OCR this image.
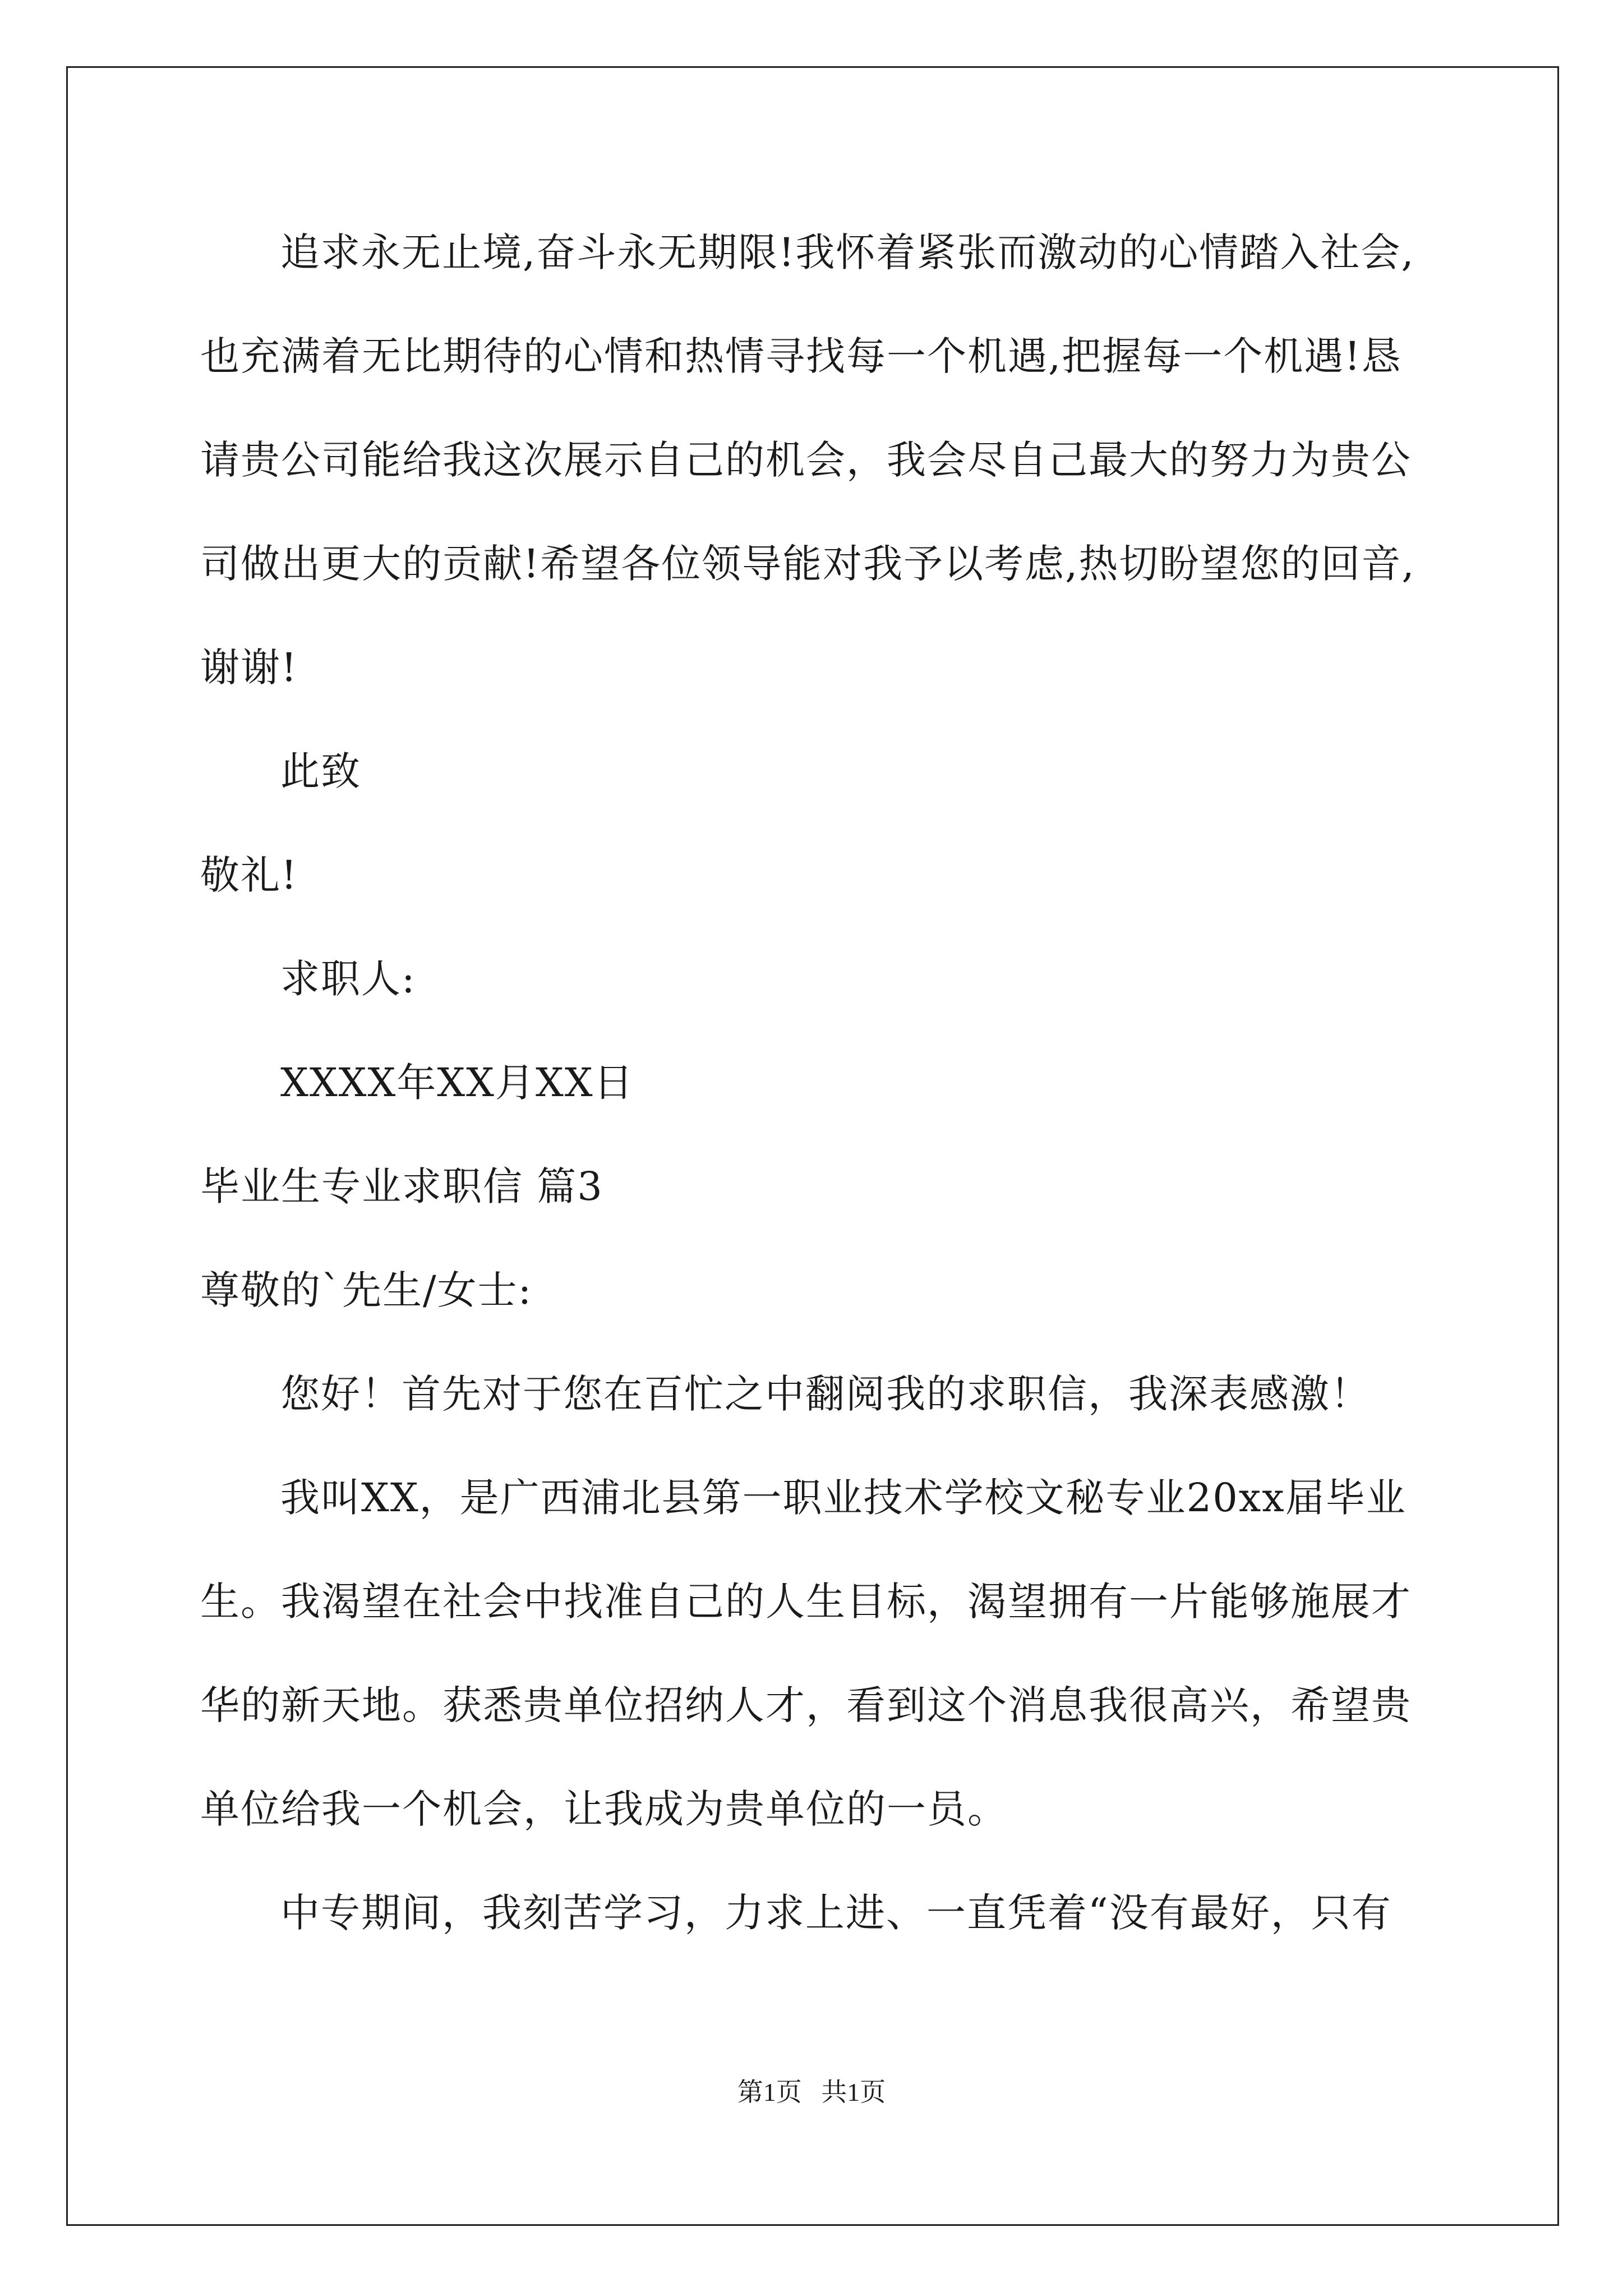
追求永无止境,奋斗永无期限!我怀着紧张而激动的心情踏入社会,
也充满着无比期待的心情和热情寻找每一个机遇,把握每一个机遇!恳
请贵公司能给我这次展示自己的机会，我会尽自己最大的努力为贵公
司做出更大的贡献!希望各位领导能对我予以考虑,热切盼望您的回音,
谢谢!
此致
敬礼!
求职人:
XXXX年XX月XX日
毕业生专业求职信 篇3
尊敬的`先生/女士:
您好！首先对于您在百忙之中翻阅我的求职信，我深表感激！
我叫XX，是广西浦北县第一职业技术学校文秘专业20xx届毕业
生。我渴望在社会中找准自己的人生目标，渴望拥有一片能够施展才
华的新天地。获悉贵单位招纳人才，看到这个消息我很高兴，希望贵
单位给我一个机会，让我成为贵单位的一员。
中专期间，我刻苦学习，力求上进、一直凭着“没有最好，只有
第1页   共1页
